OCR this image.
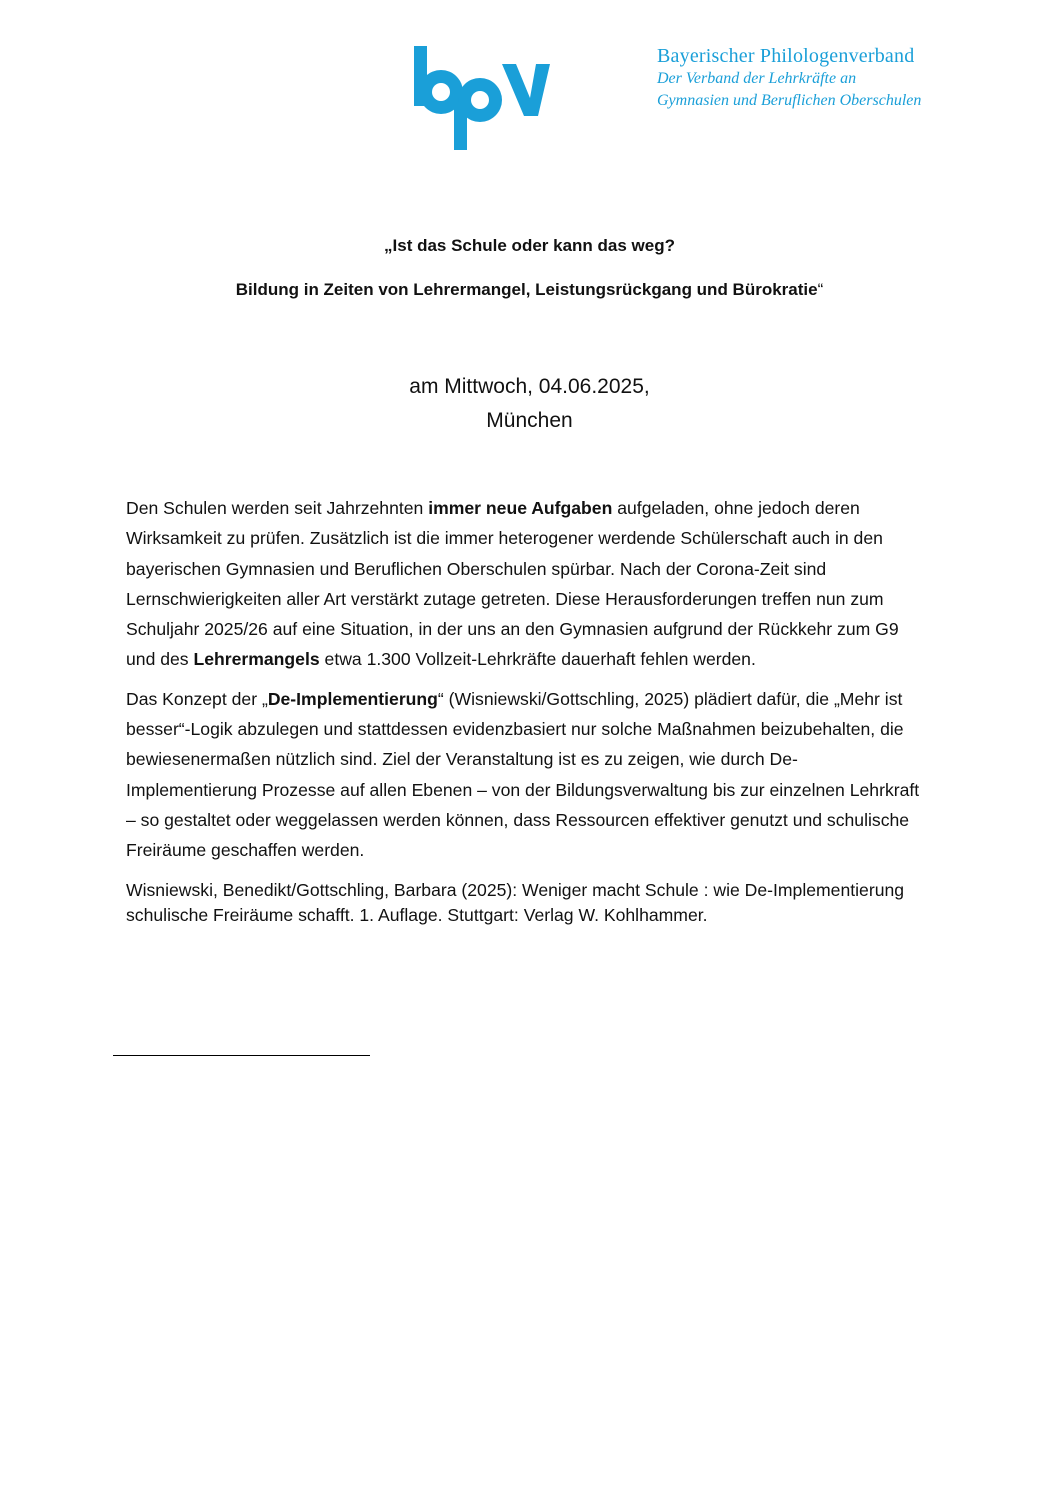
Bayerischer Philologenverband
Der Verband der Lehrkräfte an
Gymnasien und Beruflichen Oberschulen
„Ist das Schule oder kann das weg?
Bildung in Zeiten von Lehrermangel, Leistungsrückgang und Bürokratie“
am Mittwoch, 04.06.2025,
München

Den Schulen werden seit Jahrzehnten immer neue Aufgaben aufgeladen, ohne jedoch deren Wirksamkeit zu prüfen. Zusätzlich ist die immer heterogener werdende Schülerschaft auch in den bayerischen Gymnasien und Beruflichen Oberschulen spürbar. Nach der Corona-Zeit sind Lernschwierigkeiten aller Art verstärkt zutage getreten. Diese Herausforderungen treffen nun zum Schuljahr 2025/26 auf eine Situation, in der uns an den Gymnasien aufgrund der Rückkehr zum G9 und des Lehrermangels etwa 1.300 Vollzeit-Lehrkräfte dauerhaft fehlen werden.

Das Konzept der „De-Implementierung“ (Wisniewski/Gottschling, 2025) plädiert dafür, die „Mehr ist besser“-Logik abzulegen und stattdessen evidenzbasiert nur solche Maßnahmen beizubehalten, die bewiesenermaßen nützlich sind. Ziel der Veranstaltung ist es zu zeigen, wie durch De-Implementierung Prozesse auf allen Ebenen – von der Bildungsverwaltung bis zur einzelnen Lehrkraft – so gestaltet oder weggelassen werden können, dass Ressourcen effektiver genutzt und schulische Freiräume geschaffen werden.

Wisniewski, Benedikt/Gottschling, Barbara (2025): Weniger macht Schule : wie De-Implementierung schulische Freiräume schafft. 1. Auflage. Stuttgart: Verlag W. Kohlhammer.
